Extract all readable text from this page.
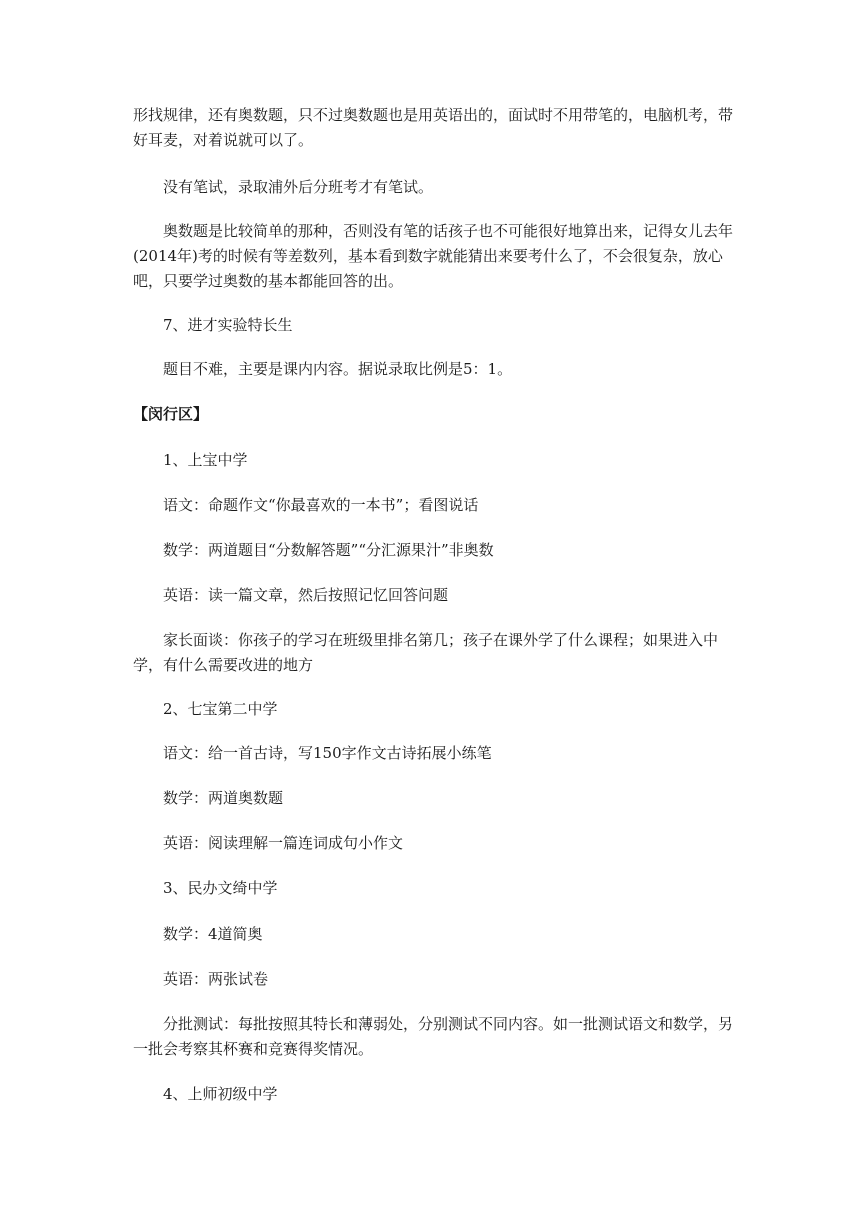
形找规律，还有奥数题，只不过奥数题也是用英语出的，面试时不用带笔的，电脑机考，带好耳麦，对着说就可以了。

没有笔试，录取浦外后分班考才有笔试。

奥数题是比较简单的那种，否则没有笔的话孩子也不可能很好地算出来，记得女儿去年(2014年)考的时候有等差数列，基本看到数字就能猜出来要考什么了，不会很复杂，放心吧，只要学过奥数的基本都能回答的出。

7、进才实验特长生

题目不难，主要是课内内容。据说录取比例是5：1。

【闵行区】

1、上宝中学

语文：命题作文“你最喜欢的一本书”；看图说话

数学：两道题目“分数解答题”“分汇源果汁”非奥数

英语：读一篇文章，然后按照记忆回答问题

家长面谈：你孩子的学习在班级里排名第几；孩子在课外学了什么课程；如果进入中学，有什么需要改进的地方

2、七宝第二中学

语文：给一首古诗，写150字作文古诗拓展小练笔

数学：两道奥数题

英语：阅读理解一篇连词成句小作文

3、民办文绮中学

数学：4道简奥

英语：两张试卷

分批测试：每批按照其特长和薄弱处，分别测试不同内容。如一批测试语文和数学，另一批会考察其杯赛和竞赛得奖情况。

4、上师初级中学
